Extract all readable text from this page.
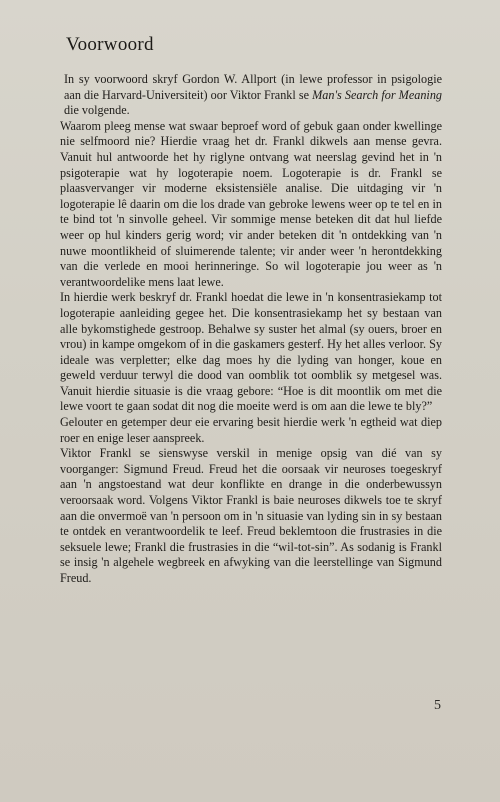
Voorwoord

In sy voorwoord skryf Gordon W. Allport (in lewe professor in psigologie aan die Harvard-Universiteit) oor Viktor Frankl se Man's Search for Meaning die volgende.

Waarom pleeg mense wat swaar beproef word of gebuk gaan onder kwellinge nie selfmoord nie? Hierdie vraag het dr. Frankl dikwels aan mense gevra. Vanuit hul antwoorde het hy riglyne ontvang wat neerslag gevind het in 'n psigoterapie wat hy logoterapie noem. Logoterapie is dr. Frankl se plaasvervanger vir moderne eksistensiële analise. Die uitdaging vir 'n logoterapie lê daarin om die los drade van gebroke lewens weer op te tel en in te bind tot 'n sinvolle geheel. Vir sommige mense beteken dit dat hul liefde weer op hul kinders gerig word; vir ander beteken dit 'n ontdekking van 'n nuwe moontlikheid of sluimerende talente; vir ander weer 'n herontdekking van die verlede en mooi herinneringe. So wil logoterapie jou weer as 'n verantwoordelike mens laat lewe.

In hierdie werk beskryf dr. Frankl hoedat die lewe in 'n konsentrasiekamp tot logoterapie aanleiding gegee het. Die konsentrasiekamp het sy bestaan van alle bykomstighede gestroop. Behalwe sy suster het almal (sy ouers, broer en vrou) in kampe omgekom of in die gaskamers gesterf. Hy het alles verloor. Sy ideale was verpletter; elke dag moes hy die lyding van honger, koue en geweld verduur terwyl die dood van oomblik tot oomblik sy metgesel was. Vanuit hierdie situasie is die vraag gebore: “Hoe is dit moontlik om met die lewe voort te gaan sodat dit nog die moeite werd is om aan die lewe te bly?”

Gelouter en getemper deur eie ervaring besit hierdie werk 'n egtheid wat diep roer en enige leser aanspreek.

Viktor Frankl se sienswyse verskil in menige opsig van dié van sy voorganger: Sigmund Freud. Freud het die oorsaak vir neuroses toegeskryf aan 'n angstoestand wat deur konflikte en drange in die onderbewussyn veroorsaak word. Volgens Viktor Frankl is baie neuroses dikwels toe te skryf aan die onvermoë van 'n persoon om in 'n situasie van lyding sin in sy bestaan te ontdek en verantwoordelik te leef. Freud beklemtoon die frustrasies in die seksuele lewe; Frankl die frustrasies in die “wil-tot-sin”. As sodanig is Frankl se insig 'n algehele wegbreek en afwyking van die leerstellinge van Sigmund Freud.

5
